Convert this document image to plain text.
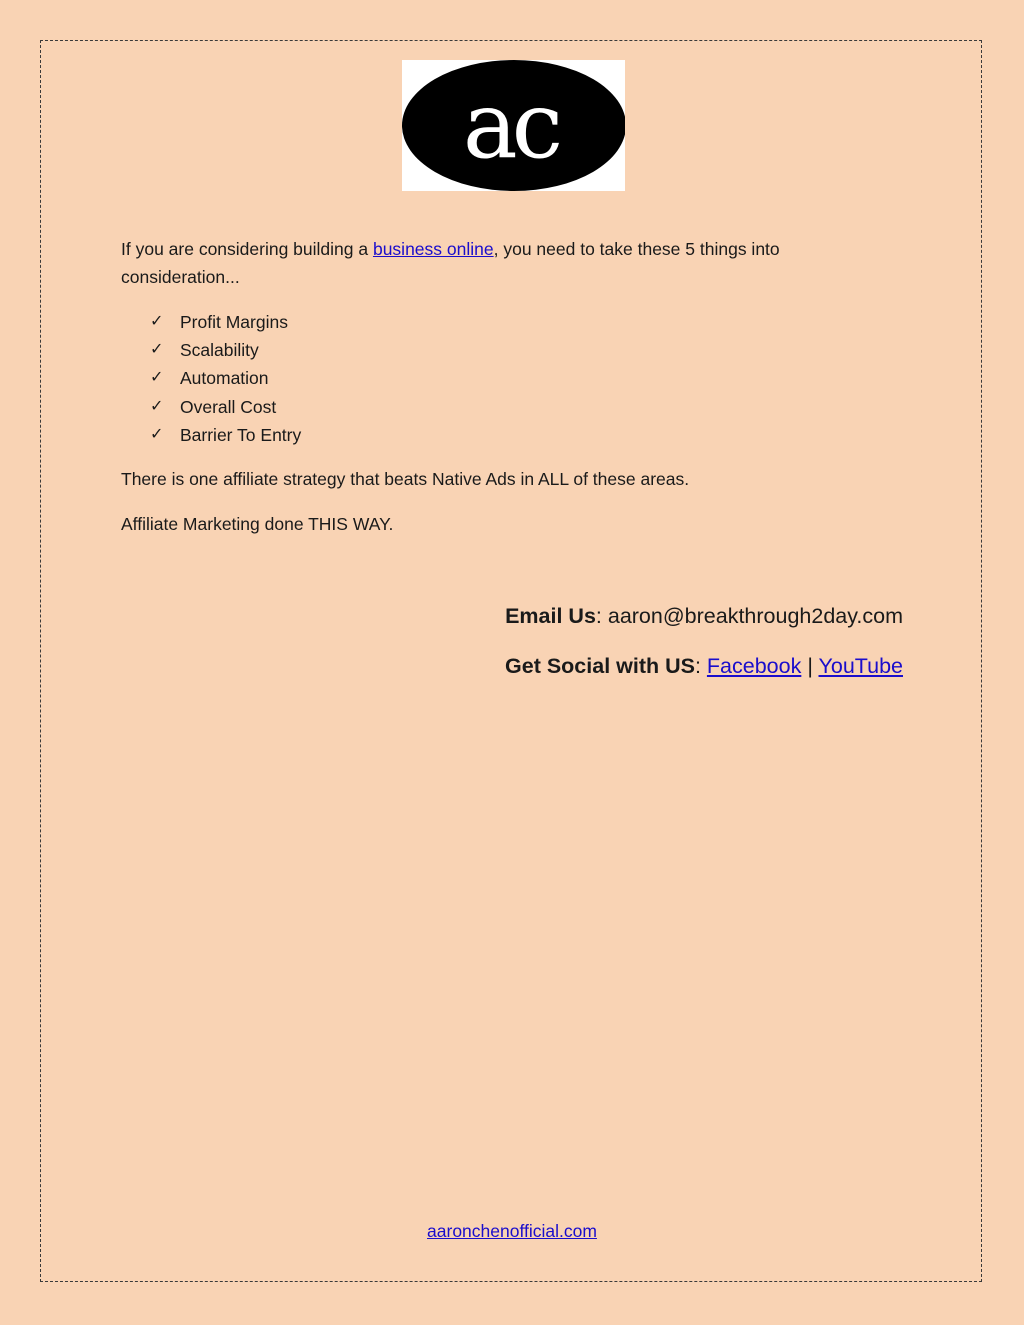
ac

If you are considering building a business online, you need to take these 5 things into consideration...

✓ Profit Margins
✓ Scalability
✓ Automation
✓ Overall Cost
✓ Barrier To Entry

There is one affiliate strategy that beats Native Ads in ALL of these areas.

Affiliate Marketing done THIS WAY.

Email Us: aaron@breakthrough2day.com

Get Social with US: Facebook | YouTube

aaronchenofficial.com
